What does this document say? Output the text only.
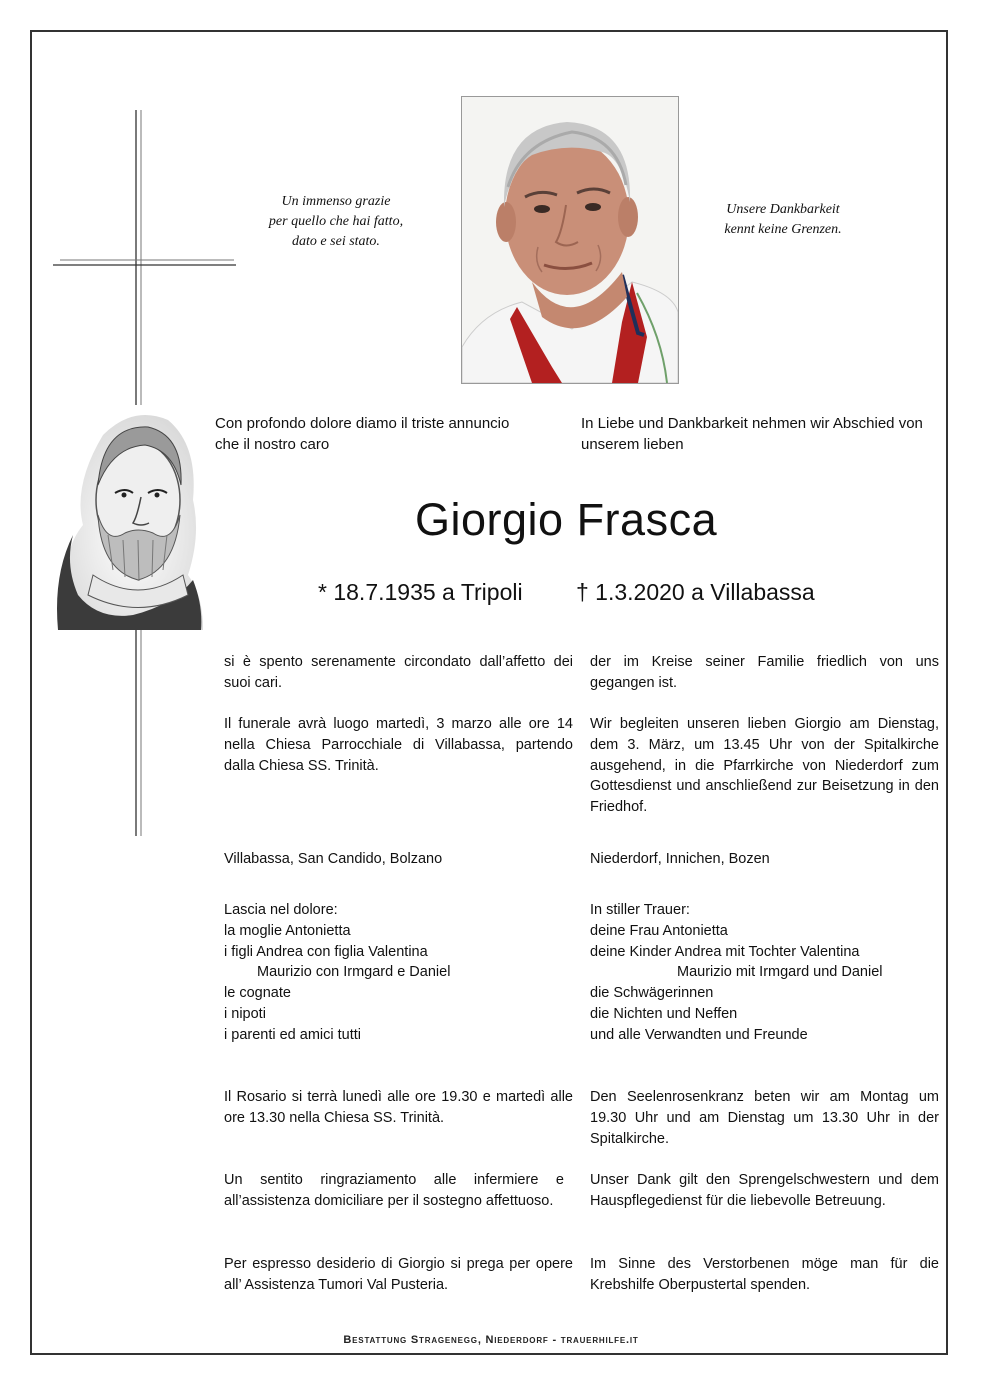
Un immenso grazie
per quello che hai fatto,
dato e sei stato.
Unsere Dankbarkeit
kennt keine Grenzen.
Con profondo dolore diamo il triste annuncio
che il nostro caro
In Liebe und Dankbarkeit nehmen wir Abschied von
unserem lieben
Giorgio Frasca
* 18.7.1935 a Tripoli † 1.3.2020 a Villabassa

si è spento serenamente circondato dall’affetto dei suoi cari.

Il funerale avrà luogo martedì, 3 marzo alle ore 14 nella Chiesa Parrocchiale di Villabassa, partendo dalla Chiesa SS. Trinità.

Villabassa, San Candido, Bolzano
Lascia nel dolore:
la moglie Antonietta
i figli Andrea con figlia Valentina
Maurizio con Irmgard e Daniel
le cognate
i nipoti
i parenti ed amici tutti

Il Rosario si terrà lunedì alle ore 19.30 e martedì alle ore 13.30 nella Chiesa SS. Trinità.

Un sentito ringraziamento alle infermiere e all’assistenza domiciliare per il sostegno affettuoso.

Per espresso desiderio di Giorgio si prega per opere all’ Assistenza Tumori Val Pusteria.

der im Kreise seiner Familie friedlich von uns gegangen ist.

Wir begleiten unseren lieben Giorgio am Dienstag, dem 3. März, um 13.45 Uhr von der Spitalkirche ausgehend, in die Pfarrkirche von Niederdorf zum Gottesdienst und anschließend zur Beisetzung in den Friedhof.

Niederdorf, Innichen, Bozen
In stiller Trauer:
deine Frau Antonietta
deine Kinder Andrea mit Tochter Valentina
Maurizio mit Irmgard und Daniel
die Schwägerinnen
die Nichten und Neffen
und alle Verwandten und Freunde

Den Seelenrosenkranz beten wir am Montag um 19.30 Uhr und am Dienstag um 13.30 Uhr in der Spitalkirche.

Unser Dank gilt den Sprengelschwestern und dem Hauspflegedienst für die liebevolle Betreuung.

Im Sinne des Verstorbenen möge man für die Krebshilfe Oberpustertal spenden.

Bestattung Stragenegg, Niederdorf - trauerhilfe.it
